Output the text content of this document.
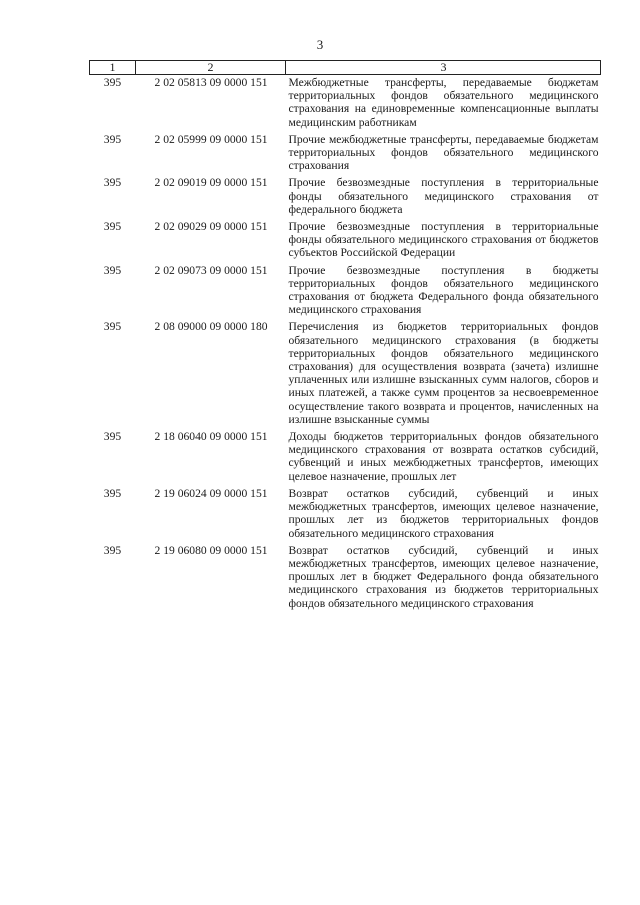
3
1	2	3
395	2 02 05813 09 0000 151	Межбюджетные трансферты, передаваемые бюджетам территориальных фондов обязательного медицинского страхования на единовременные компенсационные выплаты медицинским работникам
395	2 02 05999 09 0000 151	Прочие межбюджетные трансферты, передаваемые бюджетам территориальных фондов обязательного медицинского страхования
395	2 02 09019 09 0000 151	Прочие безвозмездные поступления в территориальные фонды обязательного медицинского страхования от федерального бюджета
395	2 02 09029 09 0000 151	Прочие безвозмездные поступления в территориальные фонды обязательного медицинского страхования от бюджетов субъектов Российской Федерации
395	2 02 09073 09 0000 151	Прочие безвозмездные поступления в бюджеты территориальных фондов обязательного медицинского страхования от бюджета Федерального фонда обязательного медицинского страхования
395	2 08 09000 09 0000 180	Перечисления из бюджетов территориальных фондов обязательного медицинского страхования (в бюджеты территориальных фондов обязательного медицинского страхования) для осуществления возврата (зачета) излишне уплаченных или излишне взысканных сумм налогов, сборов и иных платежей, а также сумм процентов за несвоевременное осуществление такого возврата и процентов, начисленных на излишне взысканные суммы
395	2 18 06040 09 0000 151	Доходы бюджетов территориальных фондов обязательного медицинского страхования от возврата остатков субсидий, субвенций и иных межбюджетных трансфертов, имеющих целевое назначение, прошлых лет
395	2 19 06024 09 0000 151	Возврат остатков субсидий, субвенций и иных межбюджетных трансфертов, имеющих целевое назначение, прошлых лет из бюджетов территориальных фондов обязательного медицинского страхования
395	2 19 06080 09 0000 151	Возврат остатков субсидий, субвенций и иных межбюджетных трансфертов, имеющих целевое назначение, прошлых лет в бюджет Федерального фонда обязательного медицинского страхования из бюджетов территориальных фондов обязательного медицинского страхования
